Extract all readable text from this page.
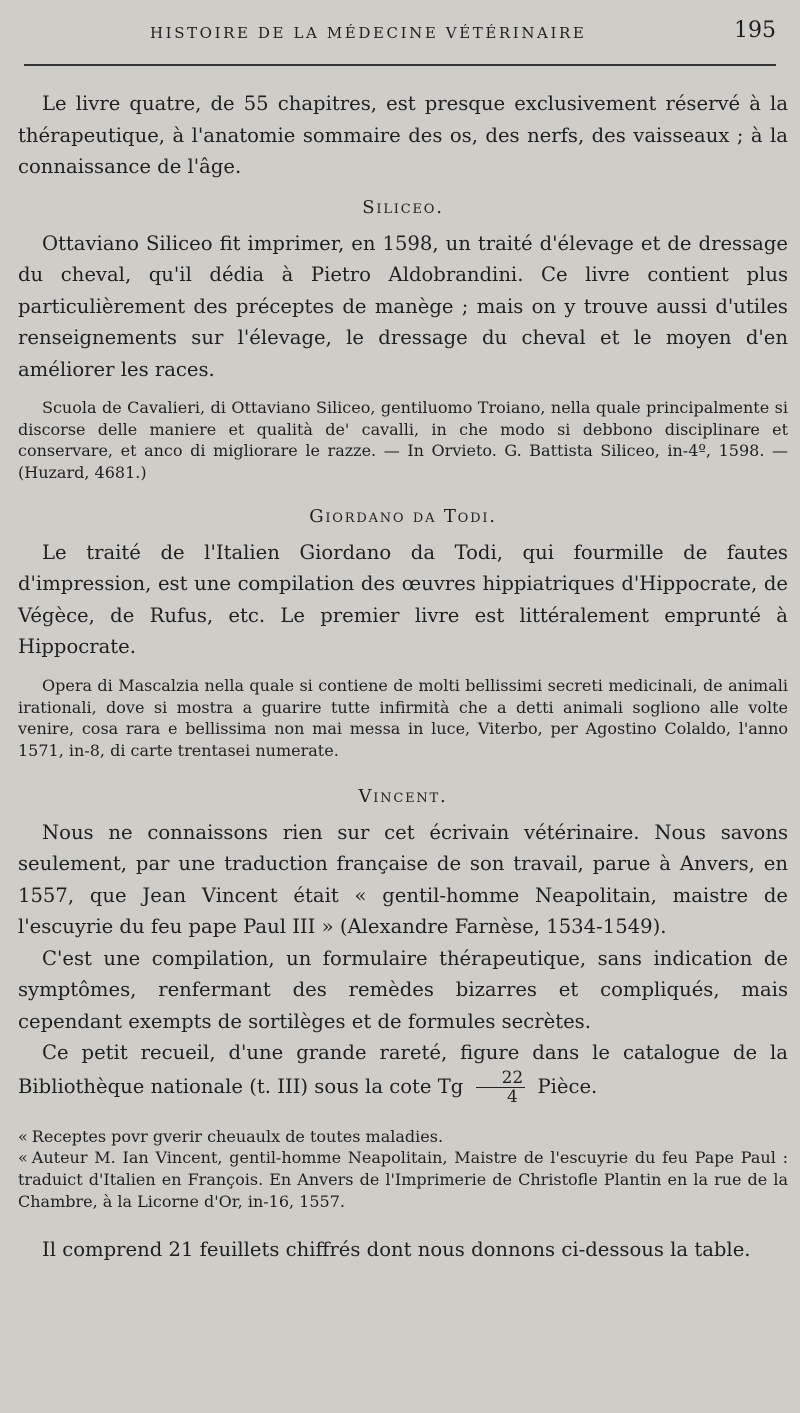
HISTOIRE DE LA MÉDECINE VÉTÉRINAIRE	195

Le livre quatre, de 55 chapitres, est presque exclusivement réservé à la thérapeutique, à l'anatomie sommaire des os, des nerfs, des vaisseaux ; à la connaissance de l'âge.

Siliceo.

Ottaviano Siliceo fit imprimer, en 1598, un traité d'élevage et de dressage du cheval, qu'il dédia à Pietro Aldobrandini. Ce livre contient plus particulièrement des préceptes de manège ; mais on y trouve aussi d'utiles renseignements sur l'élevage, le dressage du cheval et le moyen d'en améliorer les races.

Scuola de Cavalieri, di Ottaviano Siliceo, gentiluomo Troiano, nella quale principalmente si discorse delle maniere et qualità de' cavalli, in che modo si debbono disciplinare et conservare, et anco di migliorare le razze. — In Orvieto. G. Battista Siliceo, in-4º, 1598. — (Huzard, 4681.)

Giordano da Todi.

Le traité de l'Italien Giordano da Todi, qui fourmille de fautes d'impression, est une compilation des œuvres hippiatriques d'Hippocrate, de Végèce, de Rufus, etc. Le premier livre est littéralement emprunté à Hippocrate.

Opera di Mascalzia nella quale si contiene de molti bellissimi secreti medicinali, de animali irationali, dove si mostra a guarire tutte infirmità che a detti animali sogliono alle volte venire, cosa rara e bellissima non mai messa in luce, Viterbo, per Agostino Colaldo, l'anno 1571, in-8, di carte trentasei numerate.

Vincent.

Nous ne connaissons rien sur cet écrivain vétérinaire. Nous savons seulement, par une traduction française de son travail, parue à Anvers, en 1557, que Jean Vincent était « gentil-homme Neapolitain, maistre de l'escuyrie du feu pape Paul III » (Alexandre Farnèse, 1534-1549).

C'est une compilation, un formulaire thérapeutique, sans indication de symptômes, renfermant des remèdes bizarres et compliqués, mais cependant exempts de sortilèges et de formules secrètes.

Ce petit recueil, d'une grande rareté, figure dans le catalogue de la Bibliothèque nationale (t. III) sous la cote Tg $\frac{22}{4}$ Pièce.

« Receptes povr gverir cheuaulx de toutes maladies.

« Auteur M. Ian Vincent, gentil-homme Neapolitain, Maistre de l'escuyrie du feu Pape Paul : traduict d'Italien en François. En Anvers de l'Imprimerie de Christofle Plantin en la rue de la Chambre, à la Licorne d'Or, in-16, 1557.

Il comprend 21 feuillets chiffrés dont nous donnons ci-dessous la table.
